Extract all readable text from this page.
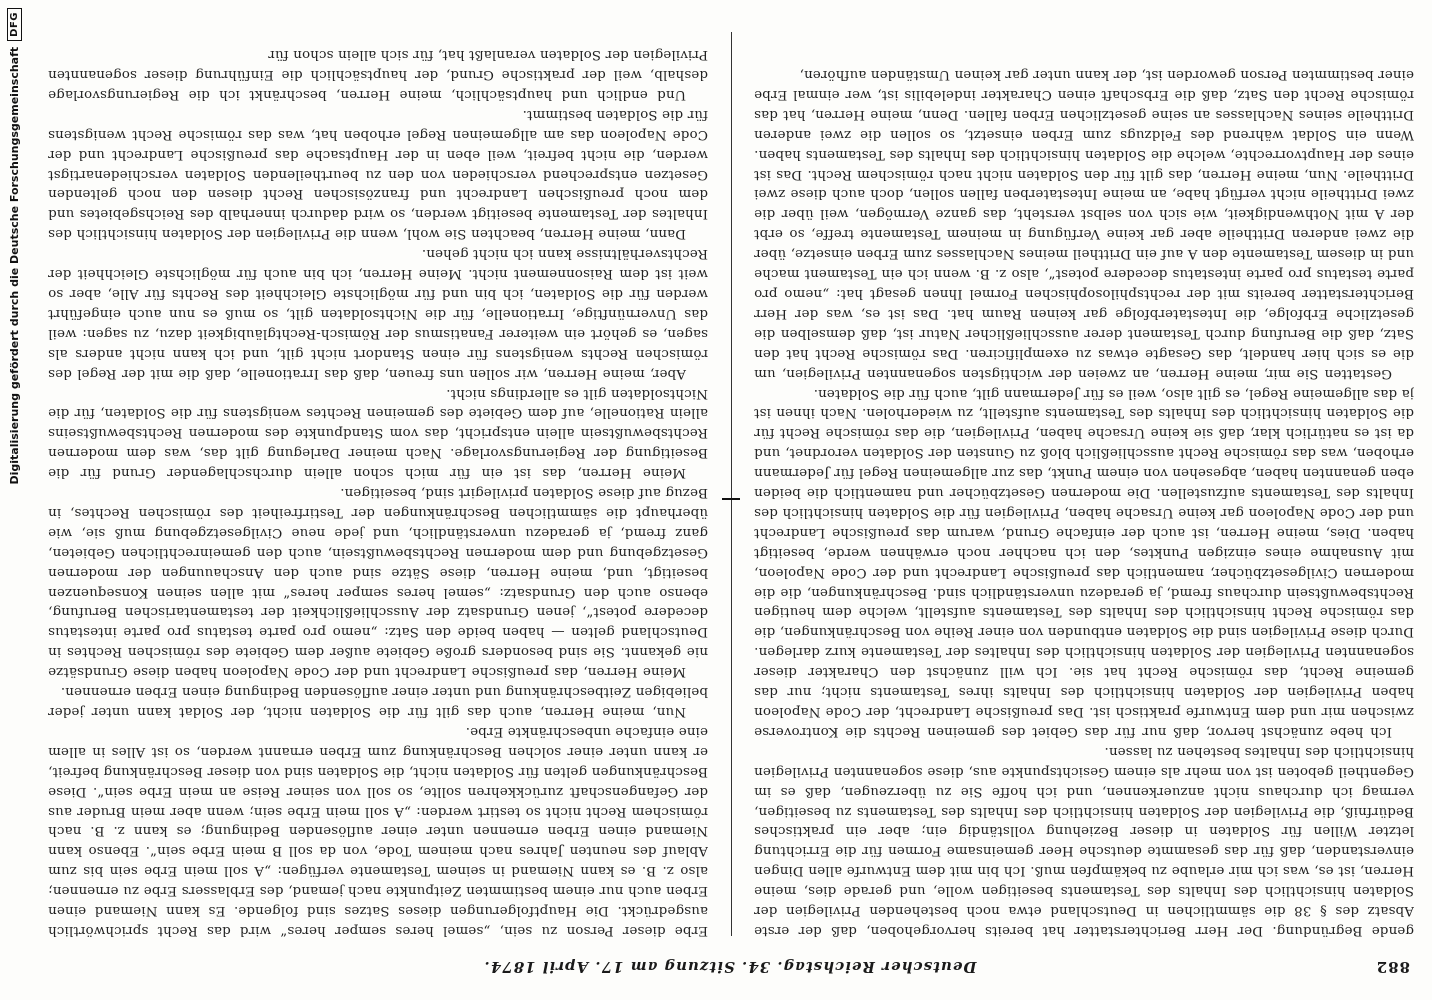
882
Deutscher Reichstag. 34. Sitzung am 17. April 1874.

gende Begründung. Der Herr Berichterstatter hat bereits hervorgehoben, daß der erste Absatz des § 38 die sämmtlichen in Deutschland etwa noch bestehenden Privilegien der Soldaten hinsichtlich des Inhalts des Testaments beseitigen wolle, und gerade dies, meine Herren, ist es, was ich mir erlaube zu bekämpfen muß. Ich bin mit dem Entwurfe allen Dingen einverstanden, daß für das gesammte deutsche Heer gemeinsame Formen für die Errichtung letzter Willen für Soldaten in dieser Beziehung vollständig ein; aber ein praktisches Bedürfniß, die Privilegien der Soldaten hinsichtlich des Inhalts des Testaments zu beseitigen, vermag ich durchaus nicht anzuerkennen, und ich hoffe Sie zu überzeugen, daß es im Gegentheil geboten ist von mehr als einem Gesichtspunkte aus, diese sogenannten Privilegien hinsichtlich des Inhaltes bestehen zu lassen.

Ich hebe zunächst hervor, daß nur für das Gebiet des gemeinen Rechts die Kontroverse zwischen mir und dem Entwurfe praktisch ist. Das preußische Landrecht, der Code Napoleon haben Privilegien der Soldaten hinsichtlich des Inhalts ihres Testaments nicht; nur das gemeine Recht, das römische Recht hat sie. Ich will zunächst den Charakter dieser sogenannten Privilegien der Soldaten hinsichtlich des Inhaltes der Testamente kurz darlegen. Durch diese Privilegien sind die Soldaten entbunden von einer Reihe von Beschränkungen, die das römische Recht hinsichtlich des Inhalts des Testaments aufstellt, welche dem heutigen Rechtsbewußtsein durchaus fremd, ja geradezu unverständlich sind. Beschränkungen, die die modernen Civilgesetzbücher, namentlich das preußische Landrecht und der Code Napoleon, mit Ausnahme eines einzigen Punktes, den ich nachher noch erwähnen werde, beseitigt haben. Dies, meine Herren, ist auch der einfache Grund, warum das preußische Landrecht und der Code Napoleon gar keine Ursache haben, Privilegien für die Soldaten hinsichtlich des Inhalts des Testaments aufzustellen. Die modernen Gesetzbücher und namentlich die beiden eben genannten haben, abgesehen von einem Punkt, das zur allgemeinen Regel für Jedermann erhoben, was das römische Recht ausschließlich bloß zu Gunsten der Soldaten verordnet, und da ist es natürlich klar, daß sie keine Ursache haben, Privilegien, die das römische Recht für die Soldaten hinsichtlich des Inhalts des Testaments aufstellt, zu wiederholen. Nach ihnen ist ja das allgemeine Regel, es gilt also, weil es für Jedermann gilt, auch für die Soldaten.

Gestatten Sie mir, meine Herren, an zweien der wichtigsten sogenannten Privilegien, um die es sich hier handelt, das Gesagte etwas zu exemplificiren. Das römische Recht hat den Satz, daß die Berufung durch Testament derer ausschließlicher Natur ist, daß demselben die gesetzliche Erbfolge, die Intestaterbfolge gar keinen Raum hat. Das ist es, was der Herr Berichterstatter bereits mit der rechtsphilosophischen Formel Ihnen gesagt hat: „nemo pro parte testatus pro parte intestatus decedere potest“, also z. B. wenn ich ein Testament mache und in diesem Testamente den A auf ein Drittheil meines Nachlasses zum Erben einsetze, über die zwei anderen Drittheile aber gar keine Verfügung in meinem Testamente treffe, so erbt der A mit Nothwendigkeit, wie sich von selbst versteht, das ganze Vermögen, weil über die zwei Drittheile nicht verfügt habe, an meine Intestaterben fallen sollen, doch auch diese zwei Drittheile. Nun, meine Herren, das gilt für den Soldaten nicht nach römischem Recht. Das ist eines der Hauptvorrechte, welche die Soldaten hinsichtlich des Inhalts des Testaments haben. Wenn ein Soldat während des Feldzugs zum Erben einsetzt, so sollen die zwei anderen Drittheile seines Nachlasses an seine gesetzlichen Erben fallen. Denn, meine Herren, hat das römische Recht den Satz, daß die Erbschaft einen Charakter indelebilis ist, wer einmal Erbe einer bestimmten Person geworden ist, der kann unter gar keinen Umständen aufhören,

Erbe dieser Person zu sein, „semel heres semper heres“ wird das Recht sprichwörtlich ausgedrückt. Die Hauptfolgerungen dieses Satzes sind folgende. Es kann Niemand einen Erben auch nur einem bestimmten Zeitpunkte nach jemand, des Erblassers Erbe zu ernennen; also z. B. es kann Niemand in seinem Testamente verfügen: „A soll mein Erbe sein bis zum Ablauf des neunten Jahres nach meinem Tode, von da soll B mein Erbe sein“. Ebenso kann Niemand einen Erben ernennen unter einer auflösenden Bedingung; es kann z. B. nach römischem Recht nicht so testirt werden: „A soll mein Erbe sein; wenn aber mein Bruder aus der Gefangenschaft zurückkehren sollte, so soll von seiner Reise an mein Erbe sein“. Diese Beschränkungen gelten für Soldaten nicht, die Soldaten sind von dieser Beschränkung befreit, er kann unter einer solchen Beschränkung zum Erben ernannt werden, so ist Alles in allem eine einfache unbeschränkte Erbe.

Nun, meine Herren, auch das gilt für die Soldaten nicht, der Soldat kann unter jeder beliebigen Zeitbeschränkung und unter einer auflösenden Bedingung einen Erben ernennen.

Meine Herren, das preußische Landrecht und der Code Napoleon haben diese Grundsätze nie gekannt. Sie sind besonders große Gebiete außer dem Gebiete des römischen Rechtes in Deutschland gelten — haben beide den Satz: „nemo pro parte testatus pro parte intestatus decedere potest“, jenen Grundsatz der Ausschließlichkeit der testamentarischen Berufung, ebenso auch den Grundsatz: „semel heres semper heres“ mit allen seinen Konsequenzen beseitigt, und, meine Herren, diese Sätze sind auch den Anschauungen der modernen Gesetzgebung und dem modernen Rechtsbewußtsein, auch den gemeinrechtlichen Gebieten, ganz fremd, ja geradezu unverständlich, und jede neue Civilgesetzgebung muß sie, wie überhaupt die sämmtlichen Beschränkungen der Testirfreiheit des römischen Rechtes, in Bezug auf diese Soldaten privilegirt sind, beseitigen.

Meine Herren, das ist ein für mich schon allein durchschlagender Grund für die Beseitigung der Regierungsvorlage. Nach meiner Darlegung gilt das, was dem modernen Rechtsbewußtsein allein entspricht, das vom Standpunkte des modernen Rechtsbewußtseins allein Rationelle, auf dem Gebiete des gemeinen Rechtes wenigstens für die Soldaten, für die Nichtsoldaten gilt es allerdings nicht.

Aber, meine Herren, wir sollen uns freuen, daß das Irrationelle, daß die mit der Regel des römischen Rechts wenigstens für einen Standort nicht gilt, und ich kann nicht anders als sagen, es gehört ein weiterer Fanatismus der Römisch-Rechtgläubigkeit dazu, zu sagen: weil das Unvernünftige, Irrationelle, für die Nichtsoldaten gilt, so muß es nun auch eingeführt werden für die Soldaten, ich bin und für möglichste Gleichheit des Rechts für Alle, aber so weit ist dem Raisonnement nicht. Meine Herren, ich bin auch für möglichste Gleichheit der Rechtsverhältnisse kann ich nicht gehen.

Dann, meine Herren, beachten Sie wohl, wenn die Privilegien der Soldaten hinsichtlich des Inhaltes der Testamente beseitigt werden, so wird dadurch innerhalb des Reichsgebietes und dem noch preußischen Landrecht und französischen Recht diesen den noch geltenden Gesetzen entsprechend verschieden von den zu beurtheilenden Soldaten verschiedenartigst werden, die nicht befreit, weil eben in der Hauptsache das preußische Landrecht und der Code Napoleon das am allgemeinen Regel erhoben hat, was das römische Recht wenigstens für die Soldaten bestimmt.

Und endlich und hauptsächlich, meine Herren, beschränkt ich die Regierungsvorlage deshalb, weil der praktische Grund, der hauptsächlich die Einführung dieser sogenannten Privilegien der Soldaten veranlaßt hat, für sich allein schon für

Digitalisierung gefördert durch die Deutsche Forschungsgemeinschaft
DFG
